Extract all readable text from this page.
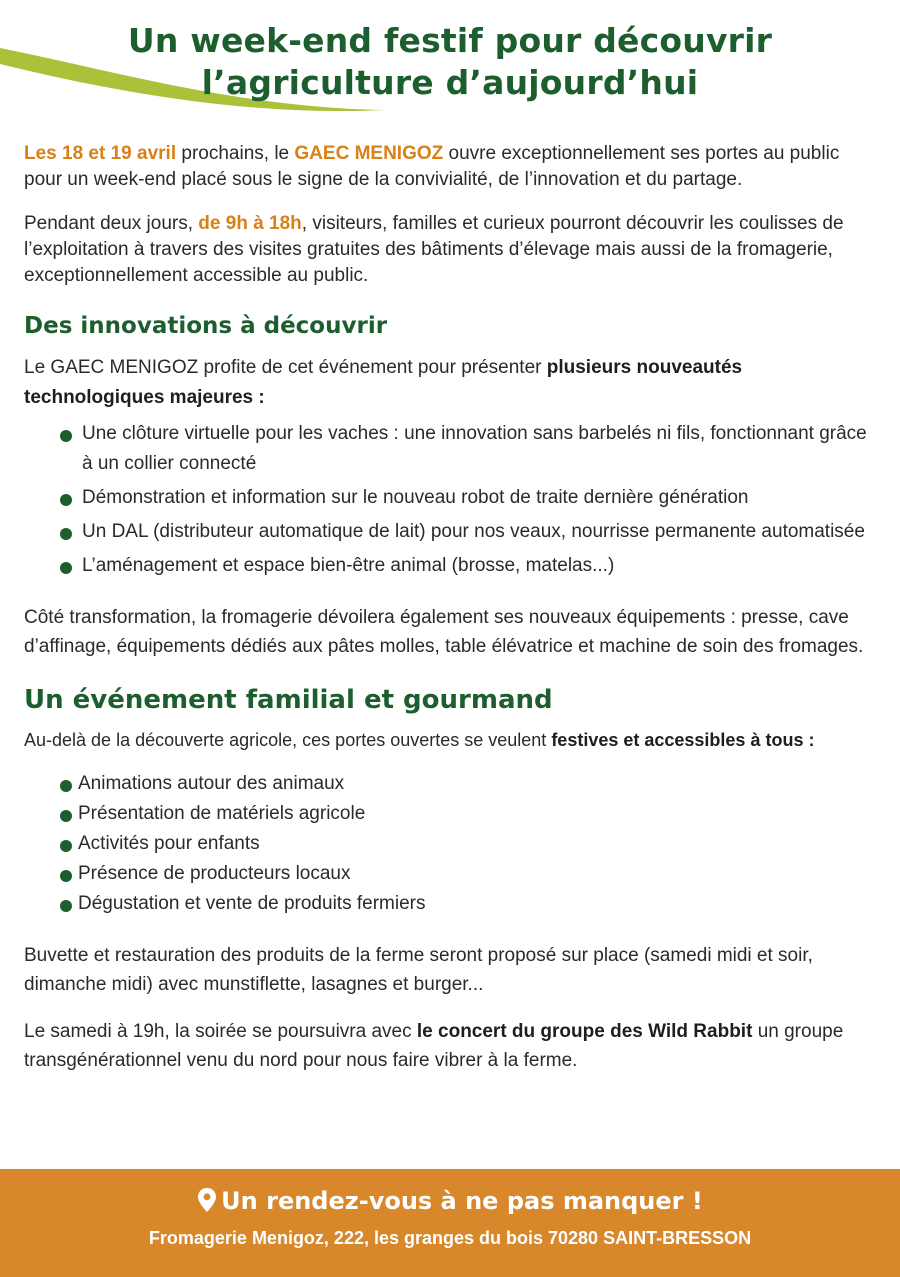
Un week-end festif pour découvrir
l’agriculture d’aujourd’hui

Les 18 et 19 avril prochains, le GAEC MENIGOZ ouvre exceptionnellement ses portes au public pour un week-end placé sous le signe de la convivialité, de l’innovation et du partage.

Pendant deux jours, de 9h à 18h, visiteurs, familles et curieux pourront découvrir les coulisses de l’exploitation à travers des visites gratuites des bâtiments d’élevage mais aussi de la fromagerie, exceptionnellement accessible au public.

Des innovations à découvrir

Le GAEC MENIGOZ profite de cet événement pour présenter plusieurs nouveautés technologiques majeures :

Une clôture virtuelle pour les vaches : une innovation sans barbelés ni fils, fonctionnant grâce à un collier connecté
Démonstration et information sur le nouveau robot de traite dernière génération
Un DAL (distributeur automatique de lait) pour nos veaux, nourrisse permanente automatisée
L’aménagement et espace bien-être animal (brosse, matelas...)

Côté transformation, la fromagerie dévoilera également ses nouveaux équipements : presse, cave d’affinage, équipements dédiés aux pâtes molles, table élévatrice et machine de soin des fromages.

Un événement familial et gourmand

Au-delà de la découverte agricole, ces portes ouvertes se veulent festives et accessibles à tous :

Animations autour des animaux
Présentation de matériels agricole
Activités pour enfants
Présence de producteurs locaux
Dégustation et vente de produits fermiers

Buvette et restauration des produits de la ferme seront proposé sur place (samedi midi et soir, dimanche midi) avec munstiflette, lasagnes et burger...

Le samedi à 19h, la soirée se poursuivra avec le concert du groupe des Wild Rabbit un groupe transgénérationnel venu du nord pour nous faire vibrer à la ferme.

Un rendez-vous à ne pas manquer !
Fromagerie Menigoz, 222, les granges du bois 70280 SAINT-BRESSON
